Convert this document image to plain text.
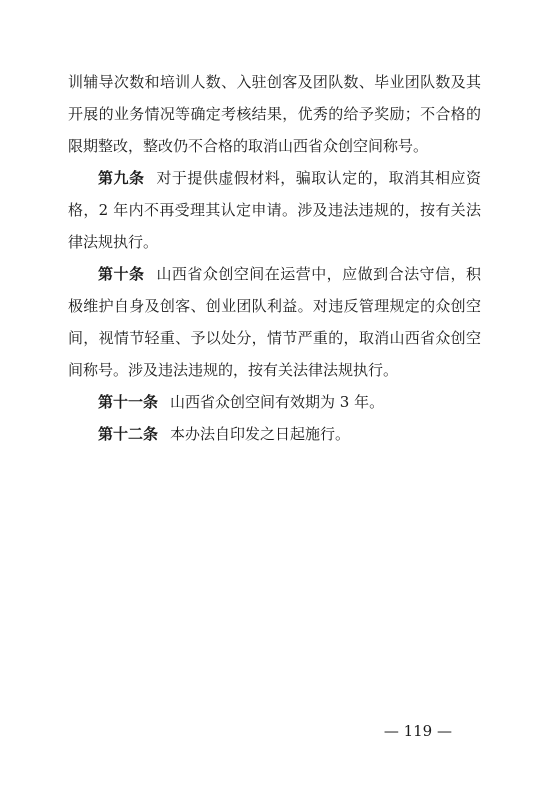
训辅导次数和培训人数、入驻创客及团队数、毕业团队数及其
开展的业务情况等确定考核结果，优秀的给予奖励；不合格的
限期整改，整改仍不合格的取消山西省众创空间称号。
第九条 对于提供虚假材料，骗取认定的，取消其相应资
格，2 年内不再受理其认定申请。涉及违法违规的，按有关法
律法规执行。
第十条 山西省众创空间在运营中，应做到合法守信，积
极维护自身及创客、创业团队利益。对违反管理规定的众创空
间，视情节轻重、予以处分，情节严重的，取消山西省众创空
间称号。涉及违法违规的，按有关法律法规执行。
第十一条 山西省众创空间有效期为 3 年。
第十二条 本办法自印发之日起施行。
— 119 —
